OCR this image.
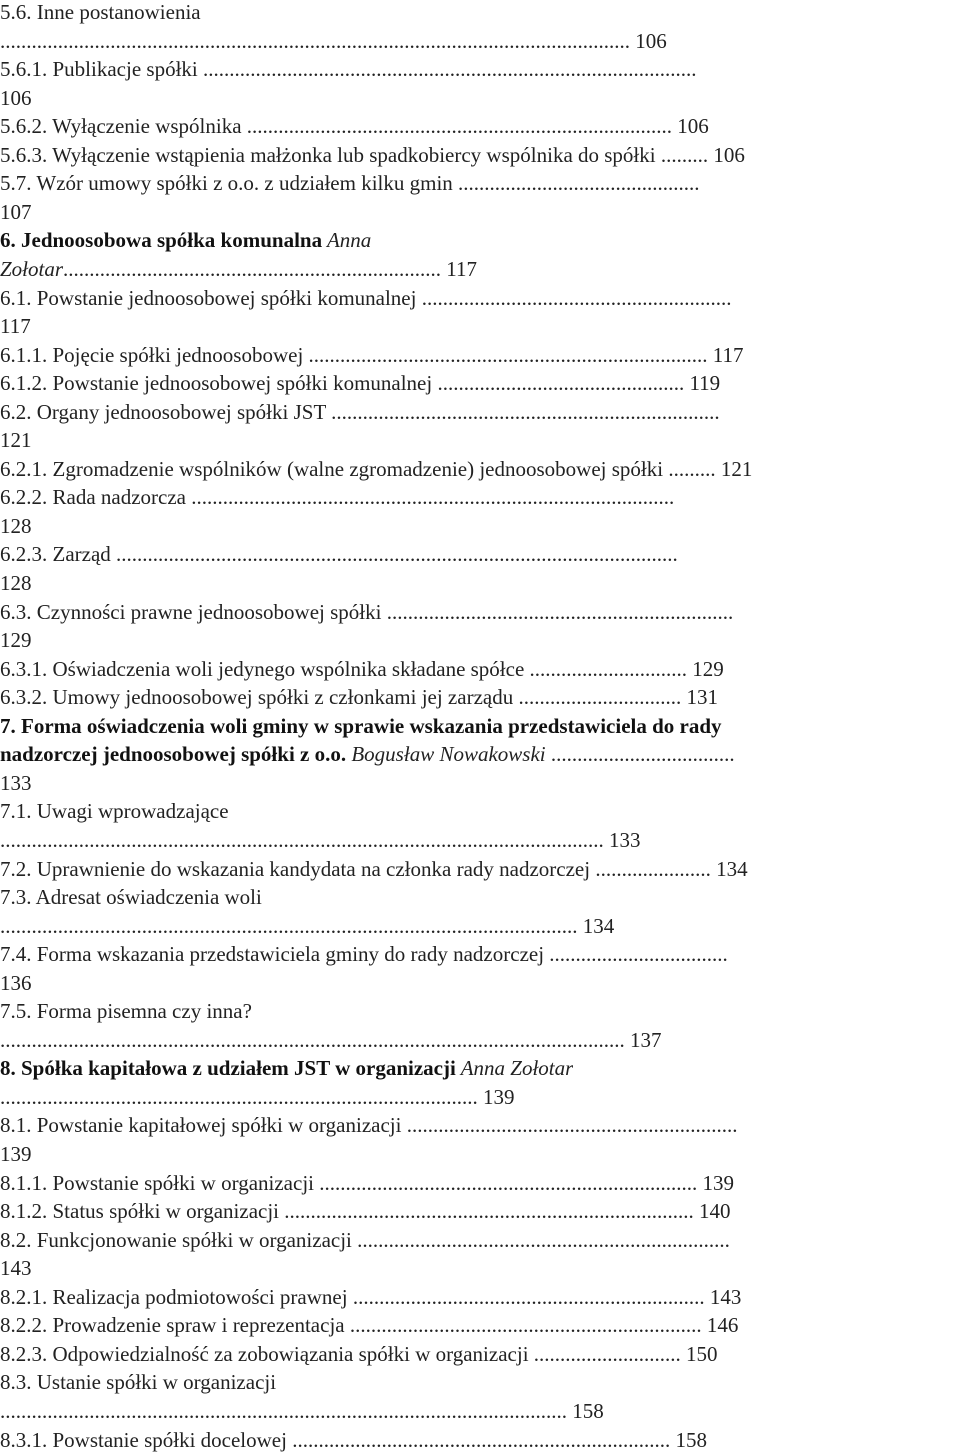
5.6. Inne postanowienia
........................................................................................................................ 106
5.6.1. Publikacje spółki ..............................................................................................
106
5.6.2. Wyłączenie wspólnika ................................................................................. 106
5.6.3. Wyłączenie wstąpienia małżonka lub spadkobiercy wspólnika do spółki ......... 106
5.7. Wzór umowy spółki z o.o. z udziałem kilku gmin ..............................................
107
6. Jednoosobowa spółka komunalna Anna
Zołotar........................................................................ 117
6.1. Powstanie jednoosobowej spółki komunalnej ...........................................................
117
6.1.1. Pojęcie spółki jednoosobowej ............................................................................ 117
6.1.2. Powstanie jednoosobowej spółki komunalnej ............................................... 119
6.2. Organy jednoosobowej spółki JST ..........................................................................
121
6.2.1. Zgromadzenie wspólników (walne zgromadzenie) jednoosobowej spółki ......... 121
6.2.2. Rada nadzorcza ............................................................................................
128
6.2.3. Zarząd ...........................................................................................................
128
6.3. Czynności prawne jednoosobowej spółki ..................................................................
129
6.3.1. Oświadczenia woli jedynego wspólnika składane spółce .............................. 129
6.3.2. Umowy jednoosobowej spółki z członkami jej zarządu ............................... 131
7. Forma oświadczenia woli gminy w sprawie wskazania przedstawiciela do rady
nadzorczej jednoosobowej spółki z o.o. Bogusław Nowakowski ...................................
133
7.1. Uwagi wprowadzające
................................................................................................................... 133
7.2. Uprawnienie do wskazania kandydata na członka rady nadzorczej ...................... 134
7.3. Adresat oświadczenia woli
.............................................................................................................. 134
7.4. Forma wskazania przedstawiciela gminy do rady nadzorczej ..................................
136
7.5. Forma pisemna czy inna?
....................................................................................................................... 137
8. Spółka kapitałowa z udziałem JST w organizacji Anna Zołotar
........................................................................................... 139
8.1. Powstanie kapitałowej spółki w organizacji ...............................................................
139
8.1.1. Powstanie spółki w organizacji ........................................................................ 139
8.1.2. Status spółki w organizacji .............................................................................. 140
8.2. Funkcjonowanie spółki w organizacji .......................................................................
143
8.2.1. Realizacja podmiotowości prawnej ................................................................... 143
8.2.2. Prowadzenie spraw i reprezentacja ................................................................... 146
8.2.3. Odpowiedzialność za zobowiązania spółki w organizacji ............................ 150
8.3. Ustanie spółki w organizacji
............................................................................................................ 158
8.3.1. Powstanie spółki docelowej ........................................................................ 158
